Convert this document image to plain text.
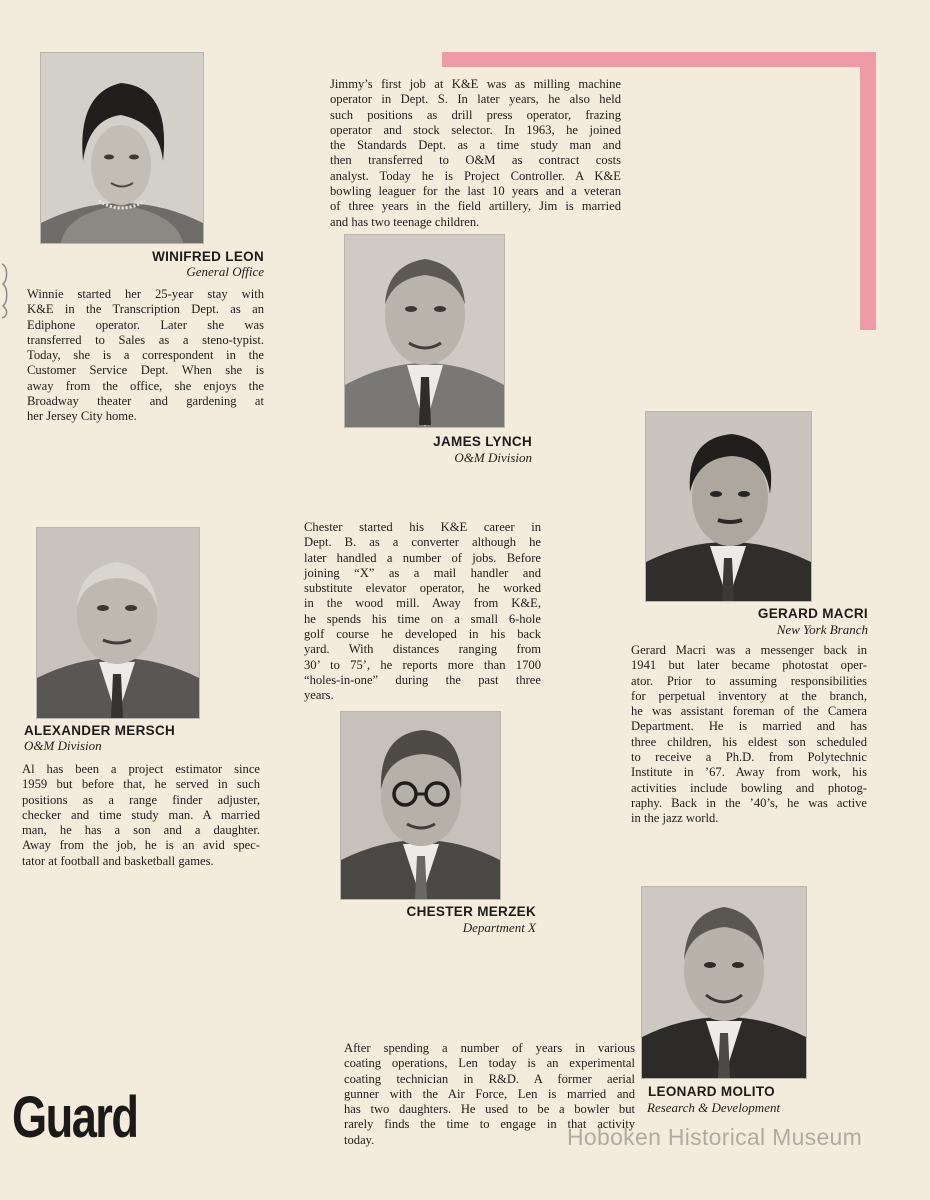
WINIFRED LEON
General Office
Winnie started her 25-year stay with
K&E in the Transcription Dept. as an
Ediphone operator. Later she was
transferred to Sales as a steno-typist.
Today, she is a correspondent in the
Customer Service Dept. When she is
away from the office, she enjoys the
Broadway theater and gardening at
her Jersey City home.
Jimmy’s first job at K&E was as milling machine
operator in Dept. S. In later years, he also held
such positions as drill press operator, frazing
operator and stock selector. In 1963, he joined
the Standards Dept. as a time study man and
then transferred to O&M as contract costs
analyst. Today he is Project Controller. A K&E
bowling leaguer for the last 10 years and a veteran
of three years in the field artillery, Jim is married
and has two teenage children.
JAMES LYNCH
O&M Division
GERARD MACRI
New York Branch
Gerard Macri was a messenger back in
1941 but later became photostat oper-
ator. Prior to assuming responsibilities
for perpetual inventory at the branch,
he was assistant foreman of the Camera
Department. He is married and has
three children, his eldest son scheduled
to receive a Ph.D. from Polytechnic
Institute in ’67. Away from work, his
activities include bowling and photog-
raphy. Back in the ’40’s, he was active
in the jazz world.
Chester started his K&E career in
Dept. B. as a converter although he
later handled a number of jobs. Before
joining “X” as a mail handler and
substitute elevator operator, he worked
in the wood mill. Away from K&E,
he spends his time on a small 6-hole
golf course he developed in his back
yard. With distances ranging from
30’ to 75’, he reports more than 1700
“holes-in-one” during the past three
years.
ALEXANDER MERSCH
O&M Division
Al has been a project estimator since
1959 but before that, he served in such
positions as a range finder adjuster,
checker and time study man. A married
man, he has a son and a daughter.
Away from the job, he is an avid spec-
tator at football and basketball games.
CHESTER MERZEK
Department X
LEONARD MOLITO
Research & Development
After spending a number of years in various
coating operations, Len today is an experimental
coating technician in R&D. A former aerial
gunner with the Air Force, Len is married and
has two daughters. He used to be a bowler but
rarely finds the time to engage in that activity
today.
Guard	Hoboken Historical Museum
